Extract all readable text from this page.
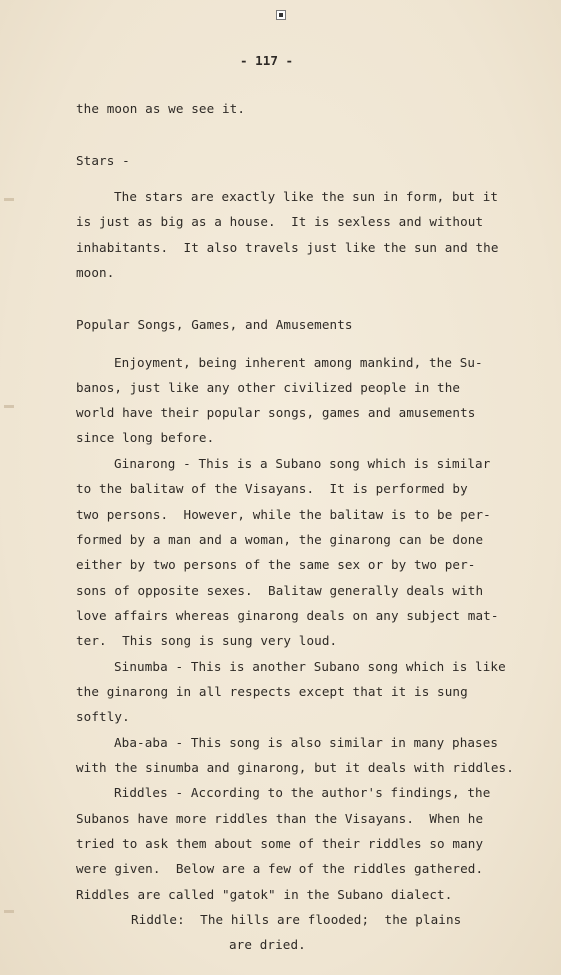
- 117 -
the moon as we see it.
Stars -
The stars are exactly like the sun in form, but it
is just as big as a house.  It is sexless and without
inhabitants.  It also travels just like the sun and the
moon.
Popular Songs, Games, and Amusements
Enjoyment, being inherent among mankind, the Su-
banos, just like any other civilized people in the
world have their popular songs, games and amusements
since long before.
Ginarong - This is a Subano song which is similar
to the balitaw of the Visayans.  It is performed by
two persons.  However, while the balitaw is to be per-
formed by a man and a woman, the ginarong can be done
either by two persons of the same sex or by two per-
sons of opposite sexes.  Balitaw generally deals with
love affairs whereas ginarong deals on any subject mat-
ter.  This song is sung very loud.
Sinumba - This is another Subano song which is like
the ginarong in all respects except that it is sung
softly.
Aba-aba - This song is also similar in many phases
with the sinumba and ginarong, but it deals with riddles.
Riddles - According to the author's findings, the
Subanos have more riddles than the Visayans.  When he
tried to ask them about some of their riddles so many
were given.  Below are a few of the riddles gathered.
Riddles are called "gatok" in the Subano dialect.
Riddle:  The hills are flooded;  the plains
are dried.
